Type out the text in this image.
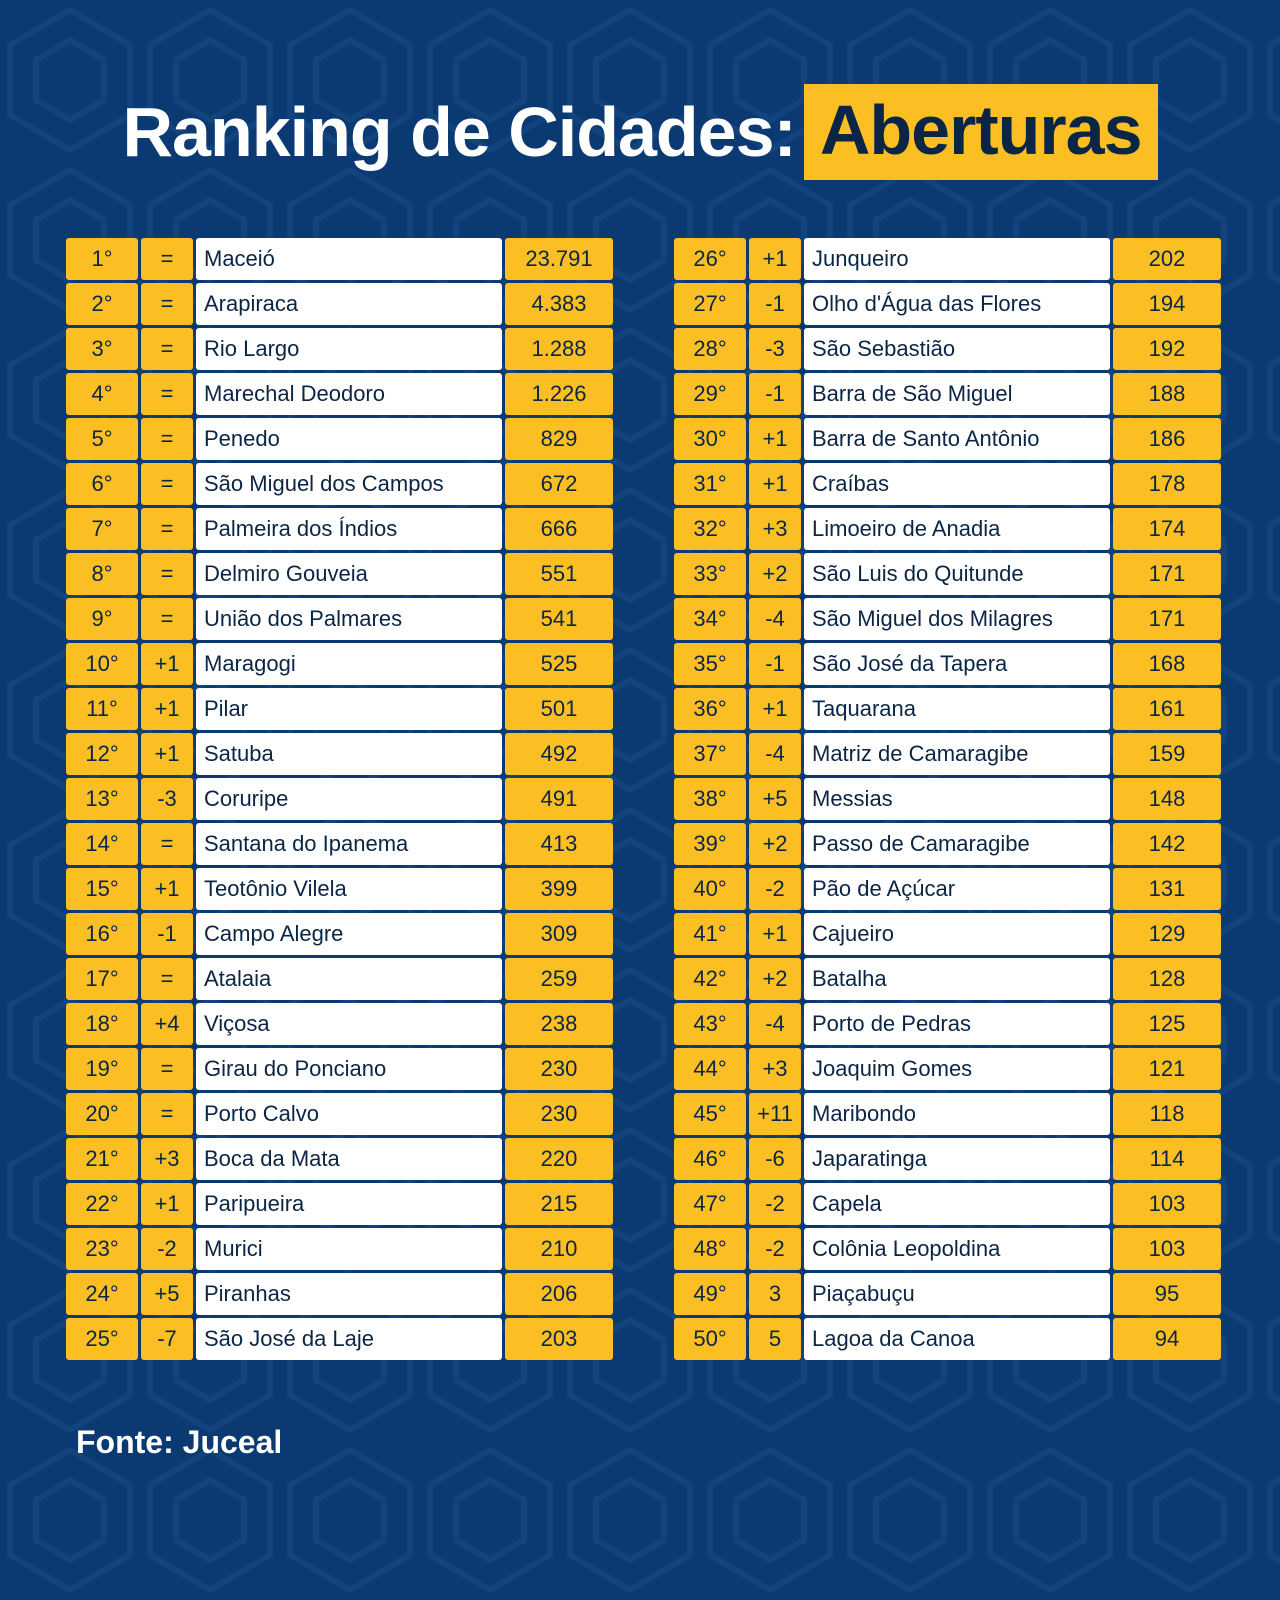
Ranking de Cidades: Aberturas
1°	=	Maceió	23.791
2°	=	Arapiraca	4.383
3°	=	Rio Largo	1.288
4°	=	Marechal Deodoro	1.226
5°	=	Penedo	829
6°	=	São Miguel dos Campos	672
7°	=	Palmeira dos Índios	666
8°	=	Delmiro Gouveia	551
9°	=	União dos Palmares	541
10°	+1	Maragogi	525
11°	+1	Pilar	501
12°	+1	Satuba	492
13°	-3	Coruripe	491
14°	=	Santana do Ipanema	413
15°	+1	Teotônio Vilela	399
16°	-1	Campo Alegre	309
17°	=	Atalaia	259
18°	+4	Viçosa	238
19°	=	Girau do Ponciano	230
20°	=	Porto Calvo	230
21°	+3	Boca da Mata	220
22°	+1	Paripueira	215
23°	-2	Murici	210
24°	+5	Piranhas	206
25°	-7	São José da Laje	203
26°	+1	Junqueiro	202
27°	-1	Olho d'Água das Flores	194
28°	-3	São Sebastião	192
29°	-1	Barra de São Miguel	188
30°	+1	Barra de Santo Antônio	186
31°	+1	Craíbas	178
32°	+3	Limoeiro de Anadia	174
33°	+2	São Luis do Quitunde	171
34°	-4	São Miguel dos Milagres	171
35°	-1	São José da Tapera	168
36°	+1	Taquarana	161
37°	-4	Matriz de Camaragibe	159
38°	+5	Messias	148
39°	+2	Passo de Camaragibe	142
40°	-2	Pão de Açúcar	131
41°	+1	Cajueiro	129
42°	+2	Batalha	128
43°	-4	Porto de Pedras	125
44°	+3	Joaquim Gomes	121
45°	+11 Maribondo	118
46°	-6	Japaratinga	114
47°	-2	Capela	103
48°	-2	Colônia Leopoldina	103
49°	3	Piaçabuçu	95
50°	5	Lagoa da Canoa	94
Fonte: Juceal
